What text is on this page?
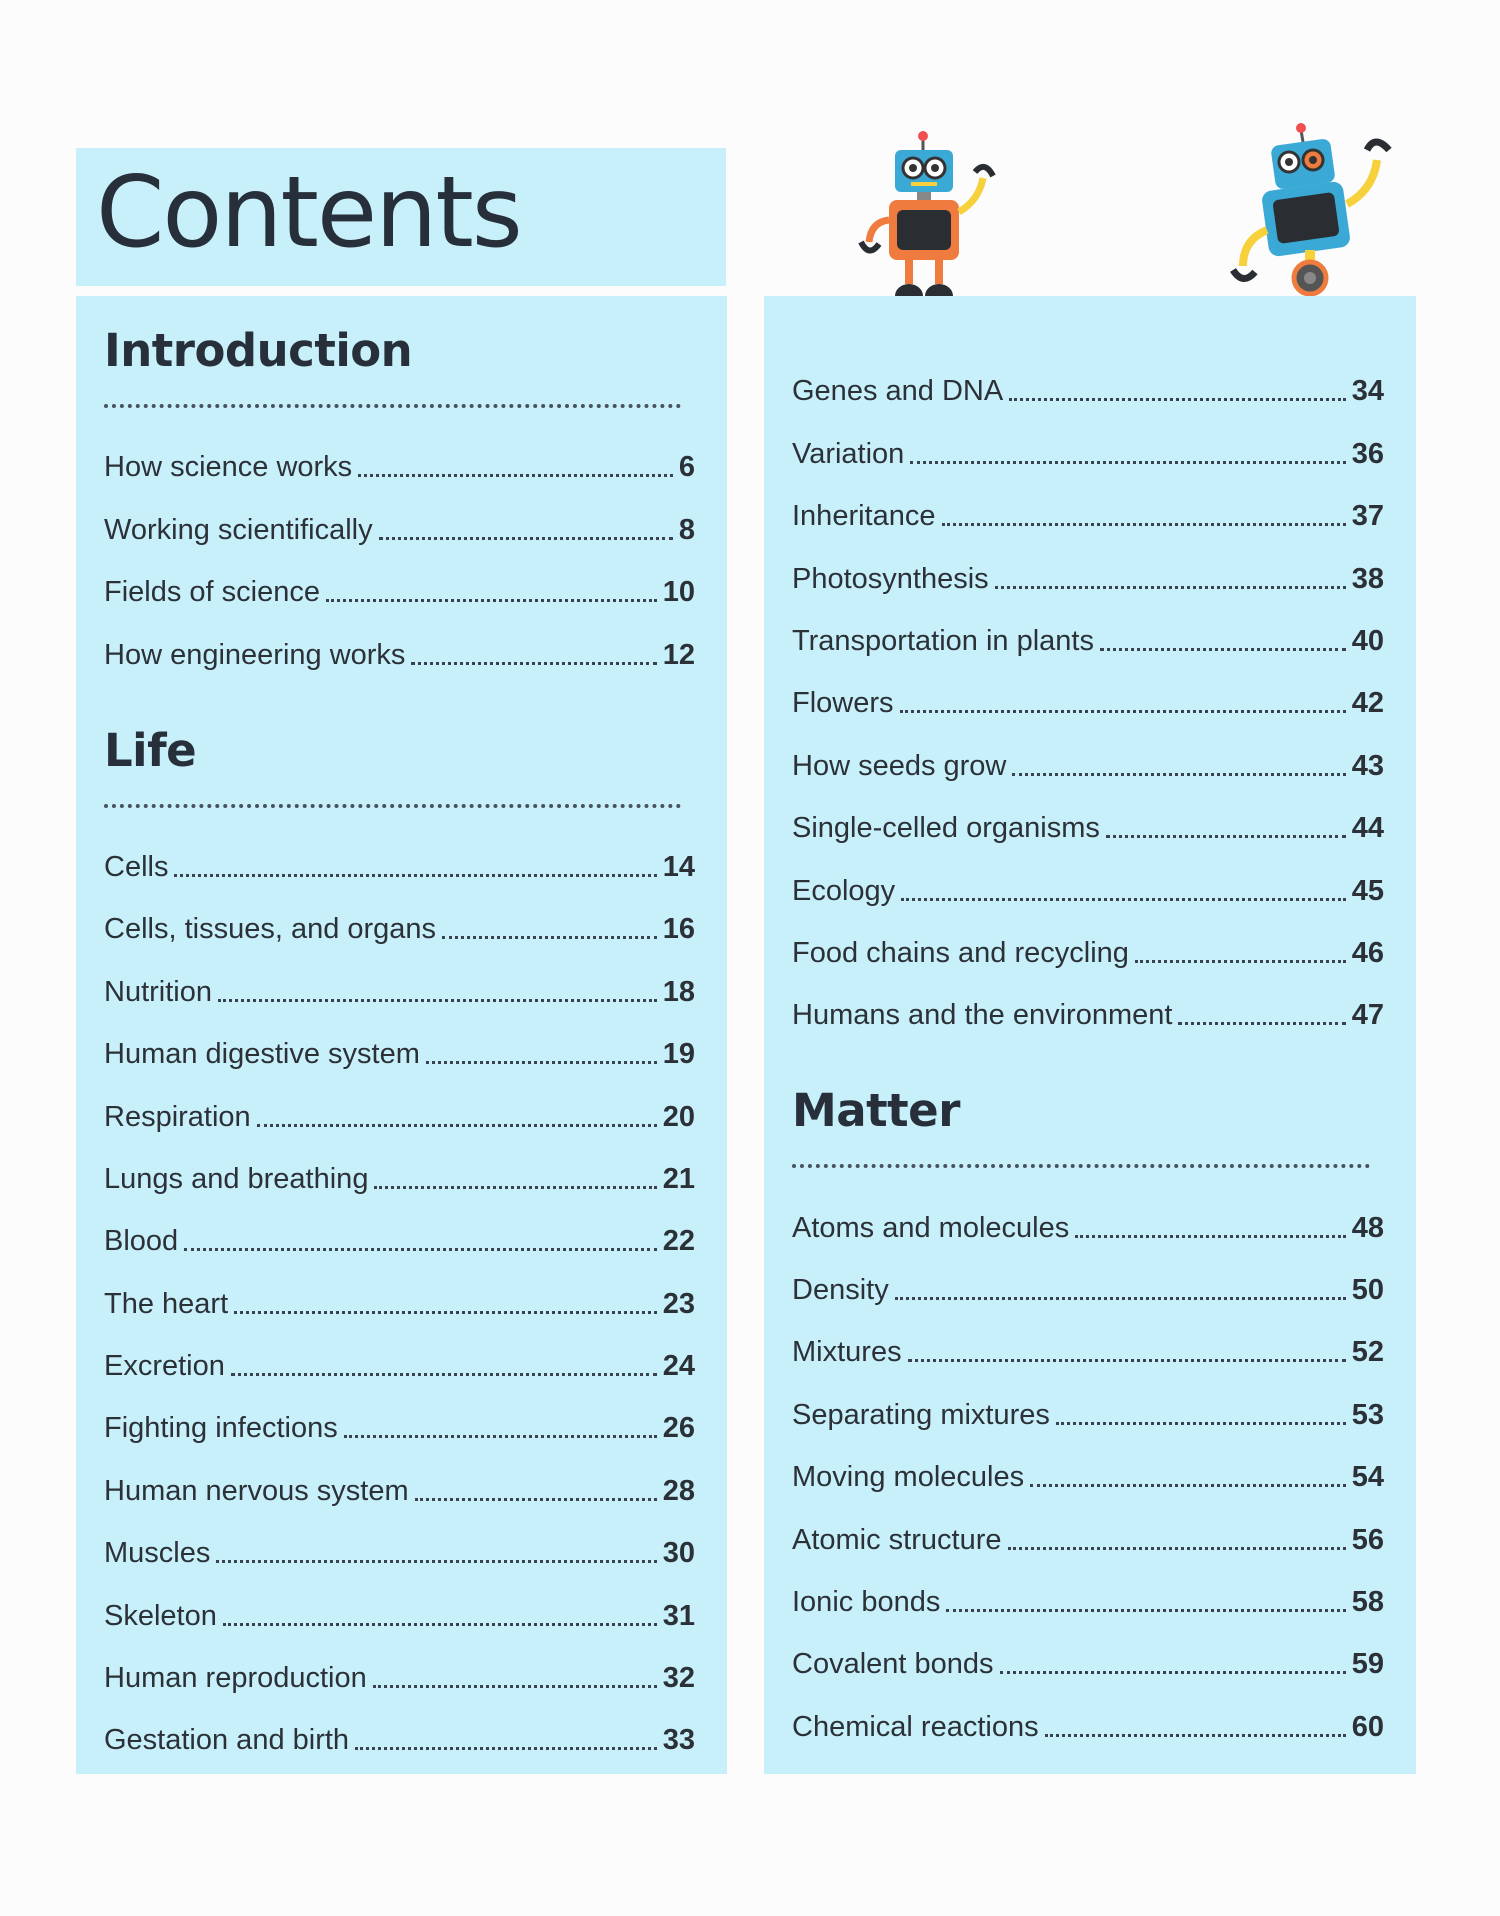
Contents
Introduction
How science works	6
Working scientifically	8
Fields of science	10
How engineering works	12
Life
Cells	14
Cells, tissues, and organs	16
Nutrition	18
Human digestive system	19
Respiration	20
Lungs and breathing	21
Blood	22
The heart	23
Excretion	24
Fighting infections	26
Human nervous system	28
Muscles	30
Skeleton	31
Human reproduction	32
Gestation and birth	33
Genes and DNA	34
Variation	36
Inheritance	37
Photosynthesis	38
Transportation in plants	40
Flowers	42
How seeds grow	43
Single-celled organisms	44
Ecology	45
Food chains and recycling	46
Humans and the environment	47
Matter
Atoms and molecules	48
Density	50
Mixtures	52
Separating mixtures	53
Moving molecules	54
Atomic structure	56
Ionic bonds	58
Covalent bonds	59
Chemical reactions	60
